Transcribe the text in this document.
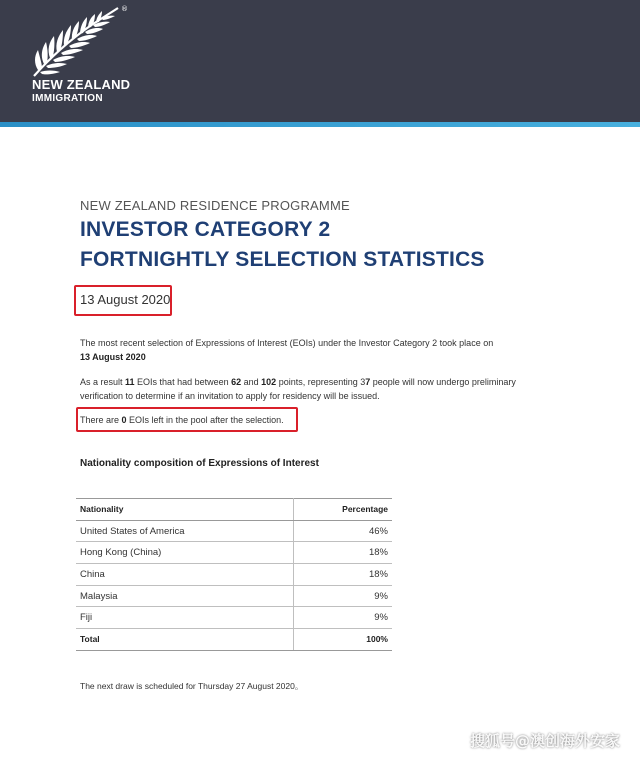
®
NEW ZEALAND
IMMIGRATION
NEW ZEALAND RESIDENCE PROGRAMME
INVESTOR CATEGORY 2
FORTNIGHTLY SELECTION STATISTICS
13 August 2020
The most recent selection of Expressions of Interest (EOIs) under the Investor Category 2 took place on 13 August 2020
As a result 11 EOIs that had between 62 and 102 points, representing 37 people will now undergo preliminary verification to determine if an invitation to apply for residency will be issued.
There are 0 EOIs left in the pool after the selection.
Nationality composition of Expressions of Interest
Nationality	Percentage
United States of America	46%
Hong Kong (China)	18%
China	18%
Malaysia	9%
Fiji	9%
Total	100%
The next draw is scheduled for Thursday 27 August 2020。
搜狐号@澳创海外安家
